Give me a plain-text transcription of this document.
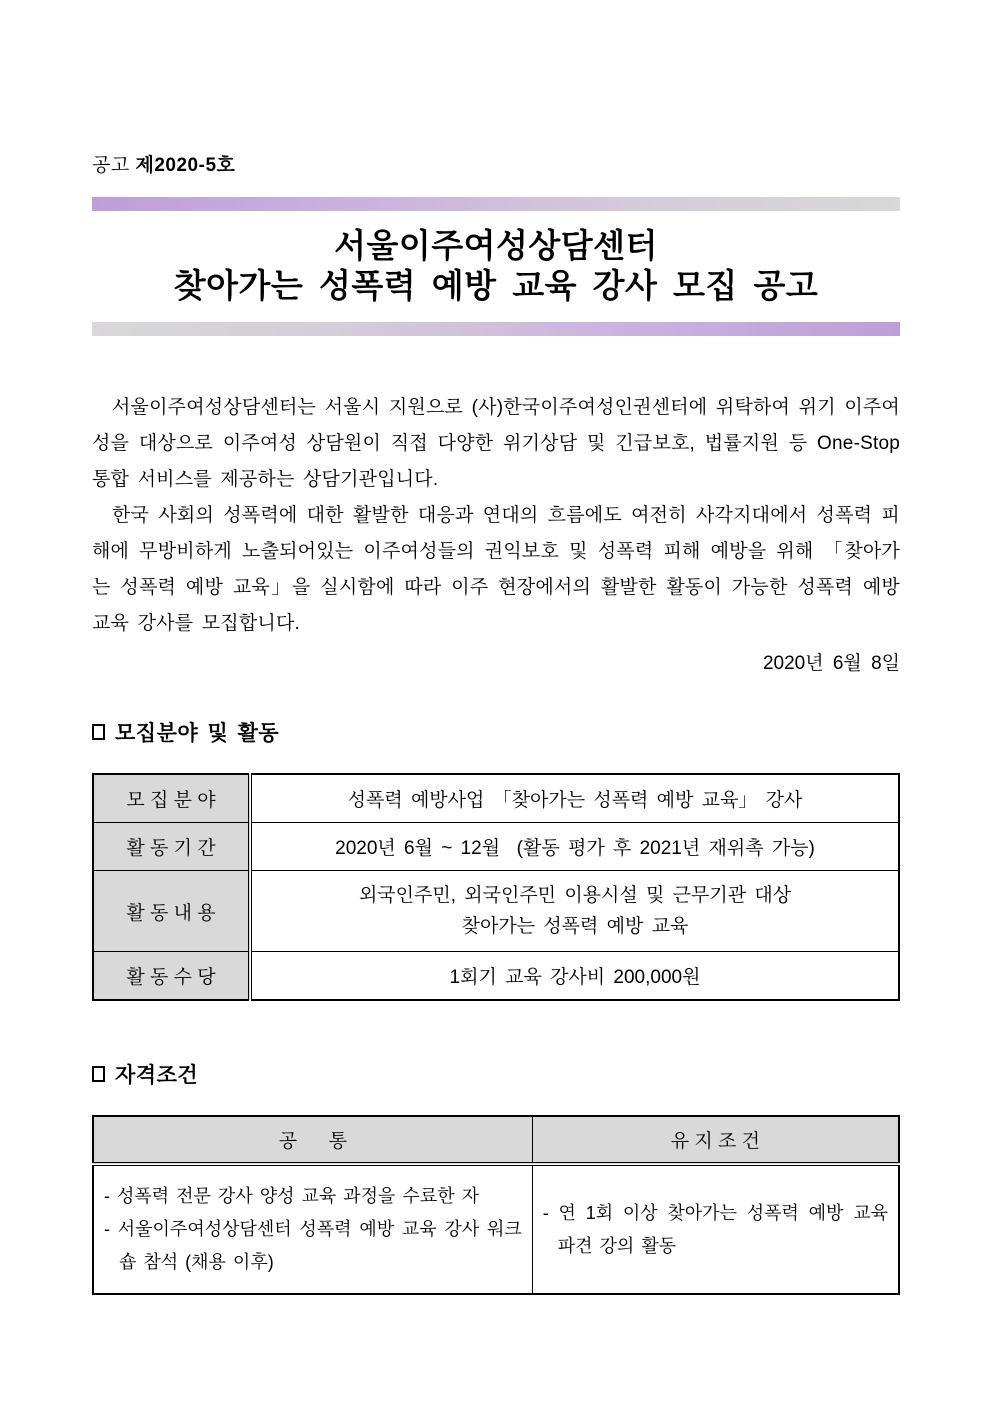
공고 제2020-5호
서울이주여성상담센터
찾아가는 성폭력 예방 교육 강사 모집 공고

서울이주여성상담센터는 서울시 지원으로 (사)한국이주여성인권센터에 위탁하여 위기 이주여성을 대상으로 이주여성 상담원이 직접 다양한 위기상담 및 긴급보호, 법률지원 등 One-Stop 통합 서비스를 제공하는 상담기관입니다.

한국 사회의 성폭력에 대한 활발한 대응과 연대의 흐름에도 여전히 사각지대에서 성폭력 피해에 무방비하게 노출되어있는 이주여성들의 권익보호 및 성폭력 피해 예방을 위해 「찾아가는 성폭력 예방 교육」을 실시함에 따라 이주 현장에서의 활발한 활동이 가능한 성폭력 예방 교육 강사를 모집합니다.

2020년 6월 8일
모집분야 및 활동
모 집 분 야	성폭력 예방사업 「찾아가는 성폭력 예방 교육」 강사
활 동 기 간	2020년 6월 ~ 12월  (활동 평가 후 2021년 재위촉 가능)
활 동 내 용	외국인주민, 외국인주민 이용시설 및 근무기관 대상
찾아가는 성폭력 예방 교육

활 동 수 당	1회기 교육 강사비 200,000원
자격조건
공      통	유 지 조 건

- 성폭력 전문 강사 양성 교육 과정을 수료한 자
- 서울이주여성상담센터 성폭력 예방 교육 강사 워크숍 참석 (채용 이후)	- 연 1회 이상 찾아가는 성폭력 예방 교육 파견 강의 활동
